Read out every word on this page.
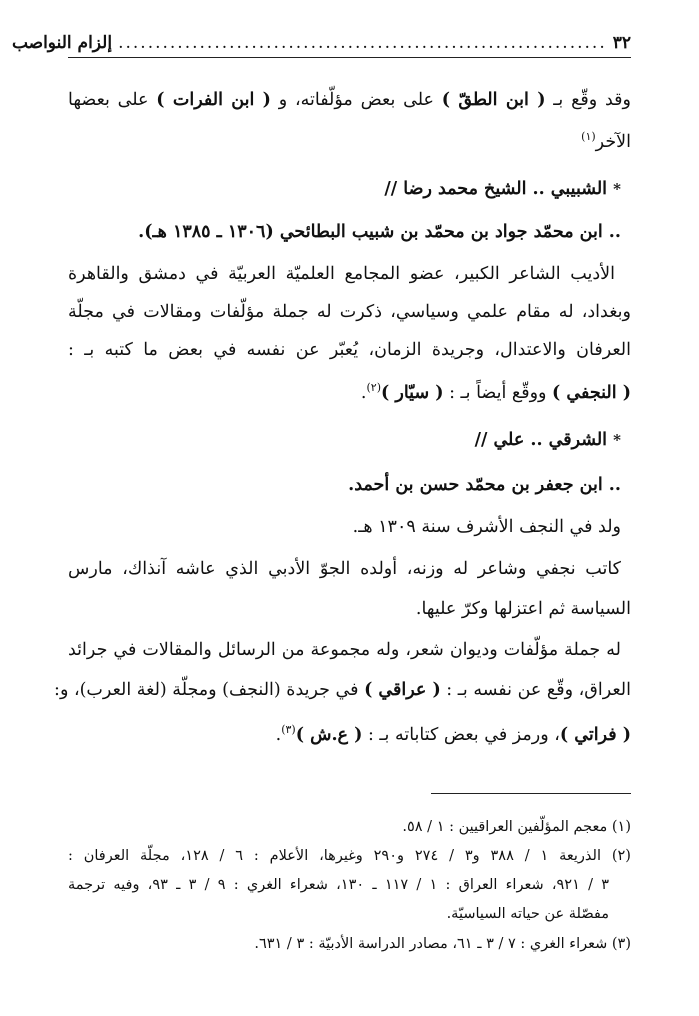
٣٢
..................................................................
إلزام النواصب
وقد وقّع بـ ( ابن الطقّ ) على بعض مؤلّفاته، و ( ابن الفرات ) على بعضها
الآخر$^{(١)}$
* الشبيبي .. الشيخ محمد رضا //
.. ابن محمّد جواد بن محمّد بن شبيب البطائحي (١٣٠٦ ـ ١٣٨٥ هـ).
الأديب الشاعر الكبير، عضو المجامع العلميّة العربيّة في دمشق والقاهرة
وبغداد، له مقام علمي وسياسي، ذكرت له جملة مؤلّفات ومقالات في مجلّة
العرفان والاعتدال، وجريدة الزمان، يُعبّر عن نفسه في بعض ما كتبه بـ :
( النجفي ) ووقّع أيضاً بـ : ( سيّار )$^{(٢)}$.
* الشرقي .. علي //
.. ابن جعفر بن محمّد حسن بن أحمد.
ولد في النجف الأشرف سنة ١٣٠٩ هـ.
كاتب نجفي وشاعر له وزنه، أولده الجوّ الأدبي الذي عاشه آنذاك، مارس
السياسة ثم اعتزلها وكرّ عليها.
له جملة مؤلّفات وديوان شعر، وله مجموعة من الرسائل والمقالات في جرائد
العراق، وقّع عن نفسه بـ : ( عراقي ) في جريدة (النجف) ومجلّة (لغة العرب)، و:
( فراتي )، ورمز في بعض كتاباته بـ : ( ع.ش )$^{(٣)}$.
(١) معجم المؤلّفين العراقيين : ١ / ٥٨.
(٢) الذريعة ١ / ٣٨٨ و٣ / ٢٧٤ و٢٩٠ وغيرها، الأعلام : ٦ / ١٢٨، مجلّة العرفان :
٣ / ٩٢١، شعراء العراق : ١ / ١١٧ ـ ١٣٠، شعراء الغري : ٩ / ٣ ـ ٩٣، وفيه ترجمة
مفصّلة عن حياته السياسيّة.
(٣) شعراء الغري : ٧ / ٣ ـ ٦١، مصادر الدراسة الأدبيّة : ٣ / ٦٣١.
